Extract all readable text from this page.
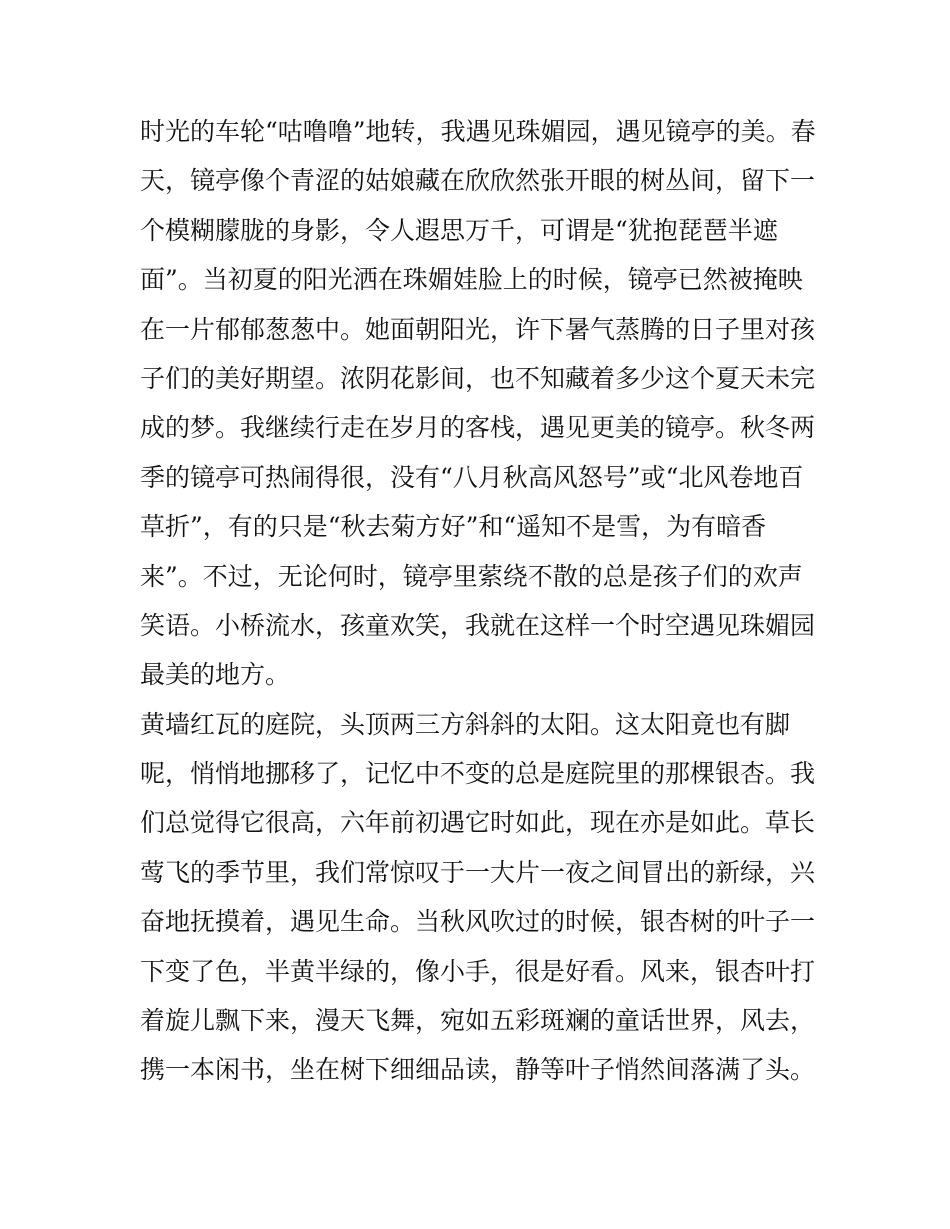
时光的车轮“咕噜噜”地转，我遇见珠媚园，遇见镜亭的美。春
天，镜亭像个青涩的姑娘藏在欣欣然张开眼的树丛间，留下一
个模糊朦胧的身影，令人遐思万千，可谓是“犹抱琵琶半遮
面”。当初夏的阳光洒在珠媚娃脸上的时候，镜亭已然被掩映
在一片郁郁葱葱中。她面朝阳光，许下暑气蒸腾的日子里对孩
子们的美好期望。浓阴花影间，也不知藏着多少这个夏天未完
成的梦。我继续行走在岁月的客栈，遇见更美的镜亭。秋冬两
季的镜亭可热闹得很，没有“八月秋高风怒号”或“北风卷地百
草折”，有的只是“秋去菊方好”和“遥知不是雪，为有暗香
来”。不过，无论何时，镜亭里萦绕不散的总是孩子们的欢声
笑语。小桥流水，孩童欢笑，我就在这样一个时空遇见珠媚园
最美的地方。
黄墙红瓦的庭院，头顶两三方斜斜的太阳。这太阳竟也有脚
呢，悄悄地挪移了，记忆中不变的总是庭院里的那棵银杏。我
们总觉得它很高，六年前初遇它时如此，现在亦是如此。草长
莺飞的季节里，我们常惊叹于一大片一夜之间冒出的新绿，兴
奋地抚摸着，遇见生命。当秋风吹过的时候，银杏树的叶子一
下变了色，半黄半绿的，像小手，很是好看。风来，银杏叶打
着旋儿飘下来，漫天飞舞，宛如五彩斑斓的童话世界，风去，
携一本闲书，坐在树下细细品读，静等叶子悄然间落满了头。
